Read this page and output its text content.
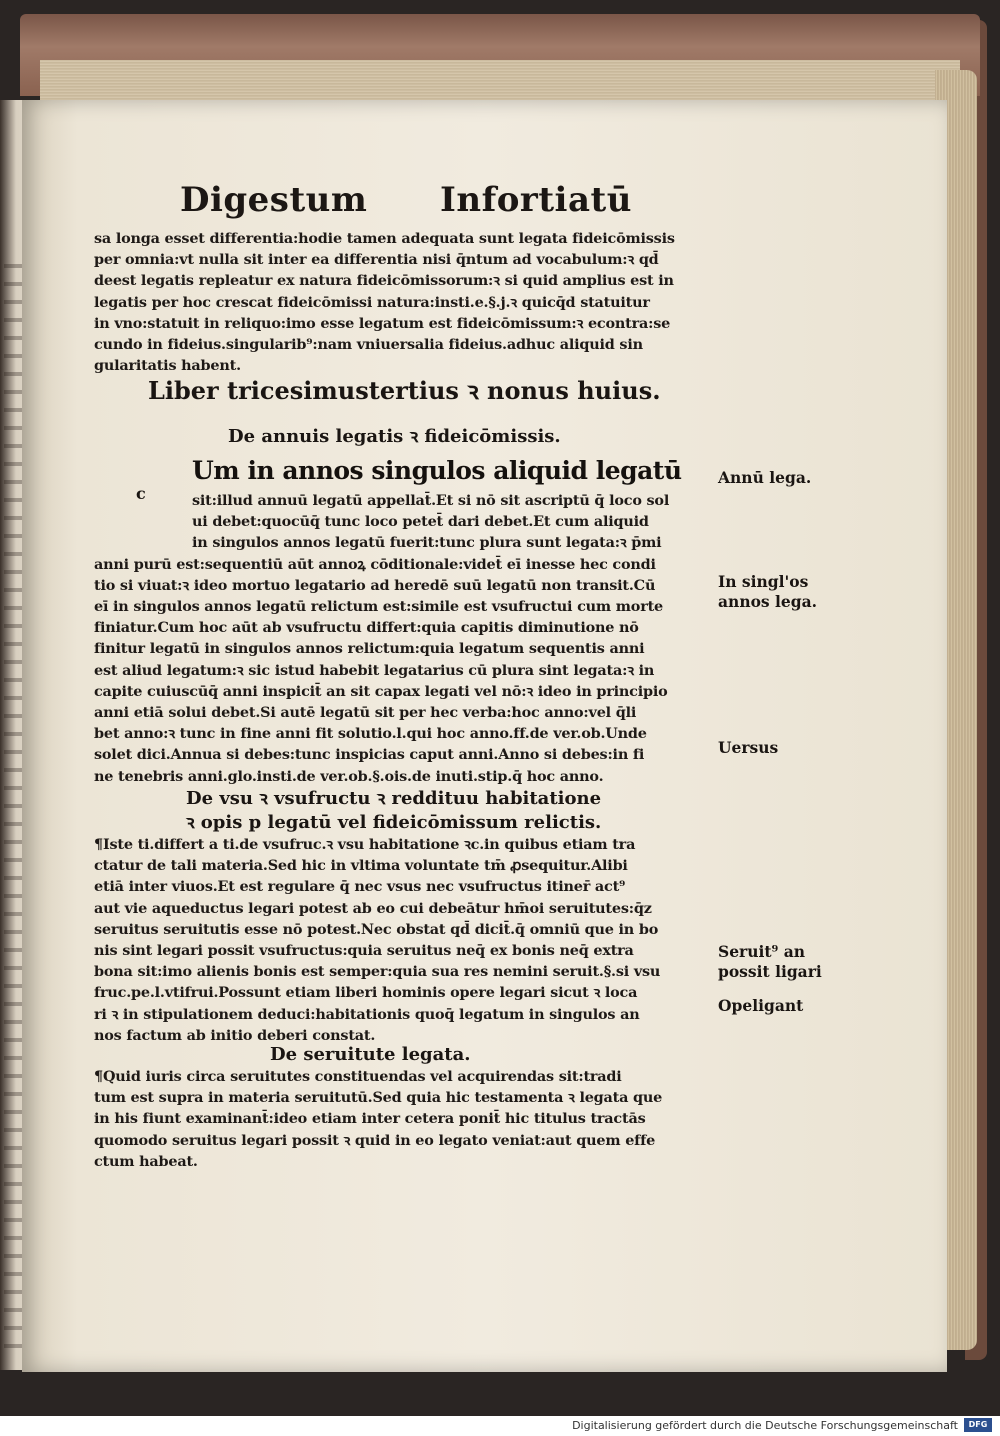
Digestum Infortiatū

sa longa esset differentia:hodie tamen adequata sunt legata fideicōmissis

per omnia:vt nulla sit inter ea differentia nisi q̄ntum ad vocabulum:ꝛ qd̄

deest legatis repleatur ex natura fideicōmissorum:ꝛ si quid amplius est in

legatis per hoc crescat fideicōmissi natura:insti.e.§.j.ꝛ quicq̄d statuitur

in vno:statuit in reliquo:imo esse legatum est fideicōmissum:ꝛ econtra:se

cundo in fideius.singularib⁹:nam vniuersalia fideius.adhuc aliquid sin

gularitatis habent.

Liber tricesimustertius ꝛ nonus huius.
De annuis legatis ꝛ fideicōmissis.
Um in annos singulos aliquid legatū
c	sit:illud annuū legatū appellat̄.Et si nō sit ascriptū q̄ loco sol

ui debet:quocūq̄ tunc loco petet̄ dari debet.Et cum aliquid

in singulos annos legatū fuerit:tunc plura sunt legata:ꝛ p̄mi

anni purū est:sequentiū aūt annoꝝ cōditionale:videt̄ eī inesse hec condi

tio si viuat:ꝛ ideo mortuo legatario ad heredē suū legatū non transit.Cū

eī in singulos annos legatū relictum est:simile est vsufructui cum morte

finiatur.Cum hoc aūt ab vsufructu differt:quia capitis diminutione nō

finitur legatū in singulos annos relictum:quia legatum sequentis anni

est aliud legatum:ꝛ sic istud habebit legatarius cū plura sint legata:ꝛ in

capite cuiuscūq̄ anni inspicit̄ an sit capax legati vel nō:ꝛ ideo in principio

anni etiā solui debet.Si autē legatū sit per hec verba:hoc anno:vel q̄li

bet anno:ꝛ tunc in fine anni fit solutio.l.qui hoc anno.ff.de ver.ob.Unde

solet dici.Annua si debes:tunc inspicias caput anni.Anno si debes:in fi

ne tenebris anni.glo.insti.de ver.ob.§.ois.de inuti.stip.q̄ hoc anno.

De vsu ꝛ vsufructu ꝛ reddituu habitatione
ꝛ opis p legatū vel fideicōmissum relictis.

¶Iste ti.differt a ti.de vsufruc.ꝛ vsu habitatione ꝛc.in quibus etiam tra

ctatur de tali materia.Sed hic in vltima voluntate tm̄ ꝓsequitur.Alibi

etiā inter viuos.Et est regulare q̄ nec vsus nec vsufructus itiner̄ act⁹

aut vie aqueductus legari potest ab eo cui debeātur hm̄oi seruitutes:q̄z

seruitus seruitutis esse nō potest.Nec obstat qd̄ dicit̄.q̄ omniū que in bo

nis sint legari possit vsufructus:quia seruitus neq̄ ex bonis neq̄ extra

bona sit:imo alienis bonis est semper:quia sua res nemini seruit.§.si vsu

fruc.pe.l.vtifrui.Possunt etiam liberi hominis opere legari sicut ꝛ loca

ri ꝛ in stipulationem deduci:habitationis quoq̄ legatum in singulos an

nos factum ab initio deberi constat.

De seruitute legata.

¶Quid iuris circa seruitutes constituendas vel acquirendas sit:tradi

tum est supra in materia seruitutū.Sed quia hic testamenta ꝛ legata que

in his fiunt examinant̄:ideo etiam inter cetera ponit̄ hic titulus tractās

quomodo seruitus legari possit ꝛ quid in eo legato veniat:aut quem effe

ctum habeat.

Annū lega.

In singl'os

annos lega.

Uersus

Seruit⁹ an

possit ligari

Opeligant

Digitalisierung gefördert durch die Deutsche Forschungsgemeinschaft	DFG
